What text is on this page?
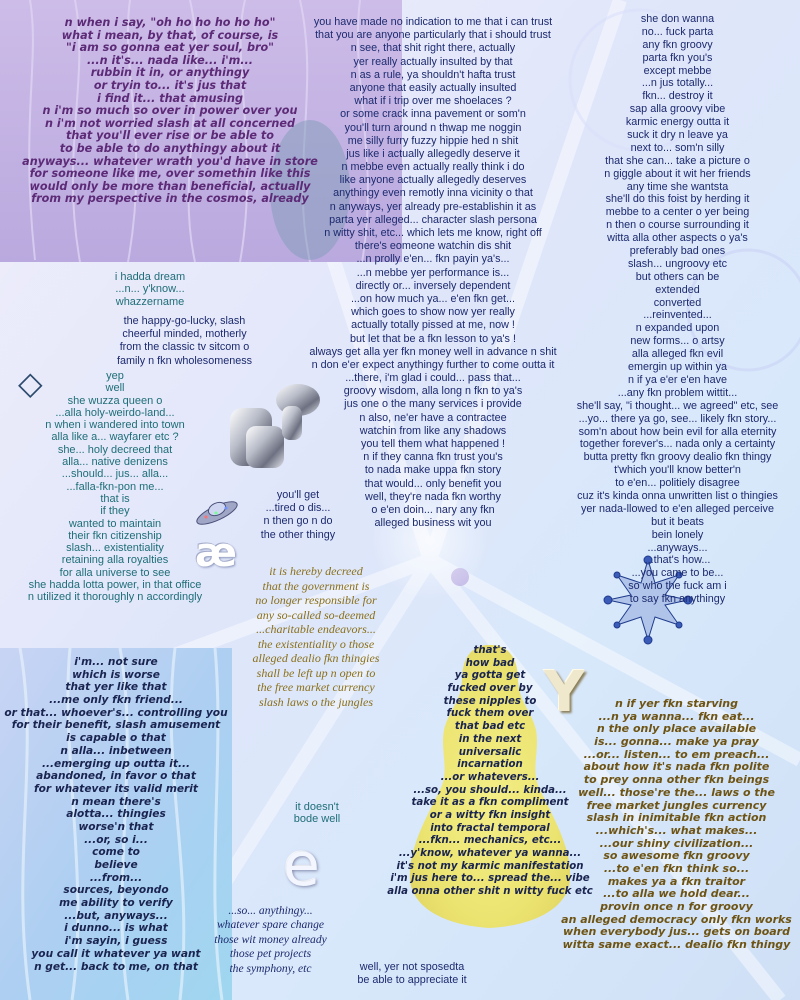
◇
æ
Y
e
n when i say, "oh ho ho ho ho ho"
what i mean, by that, of course, is
"i am so gonna eat yer soul, bro"
...n it's... nada like... i'm...
rubbin it in, or anythingy
or tryin to... it's jus that
i find it... that amusing
n i'm so much so over in power over you
n i'm not worried slash at all concerned
that you'll ever rise or be able to
to be able to do anythingy about it
anyways... whatever wrath you'd have in store
for someone like me, over somethin like this
would only be more than beneficial, actually
from my perspective in the cosmos, already
you have made no indication to me that i can trust
that you are anyone particularly that i should trust
n see, that shit right there, actually
yer really actually insulted by that
n as a rule, ya shouldn't hafta trust
anyone that easily actually insulted
what if i trip over me shoelaces ?
or some crack inna pavement or som'n
you'll turn around n thwap me noggin
me silly furry fuzzy hippie hed n shit
jus like i actually allegedly deserve it
n mebbe even actually really think i do
like anyone actually allegedly deserves
anythingy even remotly inna vicinity o that
n anyways, yer already pre-establishin it as
parta yer alleged... character slash persona
n witty shit, etc... which lets me know, right off
there's eomeone watchin dis shit
...n prolly e'en... fkn payin ya's...
...n mebbe yer performance is...
directly or... inversely dependent
...on how much ya... e'en fkn get...
which goes to show now yer really
actually totally pissed at me, now !
but let that be a fkn lesson to ya's !
always get alla yer fkn money well in advance n shit
n don e'er expect anythingy further to come outta it
...there, i'm glad i could... pass that...
groovy wisdom, alla long n fkn to ya's
jus one o the many services i provide
n also, ne'er have a contractee
watchin from like any shadows
you tell them what happened !
n if they canna fkn trust you's
to nada make uppa fkn story
that would... only benefit you
well, they're nada fkn worthy
o e'en doin... nary any fkn
alleged business wit you
she don wanna
no... fuck parta
any fkn groovy
parta fkn you's
except mebbe
...n jus totally...
fkn... destroy it
sap alla groovy vibe
karmic energy outta it
suck it dry n leave ya
next to... som'n silly
that she can... take a picture o
n giggle about it wit her friends
any time she wantsta
she'll do this foist by herding it
mebbe to a center o yer being
n then o course surrounding it
witta alla other aspects o ya's
preferably bad ones
slash... ungroovy etc
but others can be
extended
converted
...reinvented...
n expanded upon
new forms... o artsy
alla alleged fkn evil
emergin up within ya
n if ya e'er e'en have
...any fkn problem wittit...
she'll say, "i thought... we agreed" etc, see
...yo... there ya go, see... likely fkn story...
som'n about how bein evil for alla eternity
together forever's... nada only a certainty
butta pretty fkn groovy dealio fkn thingy
t'which you'll know better'n
to e'en... politiely disagree
cuz it's kinda onna unwritten list o thingies
yer nada-llowed to e'en alleged perceive
but it beats
bein lonely
...anyways...
...that's how...
...you came to be...
so who the fuck am i
to say fkn anythingy
i hadda dream
...n... y'know...
whazzername
the happy-go-lucky, slash
cheerful minded, motherly
from the classic tv sitcom o
family n fkn wholesomeness
yep
well
she wuzza queen o
...alla holy-weirdo-land...
n when i wandered into town
alla like a... wayfarer etc ?
she... holy decreed that
alla... native denizens
...should... jus... alla...
...falla-fkn-pon me...
that is
if they
wanted to maintain
their fkn citizenship
slash... existentiality
retaining alla royalties
for alla universe to see
she hadda lotta power, in that office
n utilized it thoroughly n accordingly
you'll get
...tired o dis...
n then go n do
the other thingy
it is hereby decreed
that the government is
no longer responsible for
any so-called so-deemed
...charitable endeavors...
the existentiality o those
alleged dealio fkn thingies
shall be left up n open to
the free market currency
slash laws o the jungles
i'm... not sure
which is worse
that yer like that
...me only fkn friend...
or that... whoever's... controlling you
for their benefit, slash amusement
is capable o that
n alla... inbetween
...emerging up outta it...
abandoned, in favor o that
for whatever its valid merit
n mean there's
alotta... thingies
worse'n that
...or, so i...
come to
believe
...from...
sources, beyondo
me ability to verify
...but, anyways...
i dunno... is what
i'm sayin, i guess
you call it whatever ya want
n get... back to me, on that
it doesn't
bode well
...so... anythingy...
whatever spare change
those wit money already
those pet projects
the symphony, etc	well, yer not sposedta
be able to appreciate it
that's
how bad
ya gotta get
fucked over by
these nipples to
fuck them over
that bad etc
in the next
universalic
incarnation
...or whatevers...
...so, you should... kinda...
take it as a fkn compliment
or a witty fkn insight
into fractal temporal
...fkn... mechanics, etc...
...y'know, whatever ya wanna...
it's not my karmic manifestation
i'm jus here to... spread the... vibe
alla onna other shit n witty fuck etc
n if yer fkn starving
...n ya wanna... fkn eat...
n the only place available
is... gonna... make ya pray
...or... listen... to em preach...
about how it's nada fkn polite
to prey onna other fkn beings
well... those're the... laws o the
free market jungles currency
slash in inimitable fkn action
...which's... what makes...
...our shiny civilization...
so awesome fkn groovy
...to e'en fkn think so...
makes ya a fkn traitor
...to alla we hold dear...
provin once n for groovy
an alleged democracy only fkn works
when everybody jus... gets on board
witta same exact... dealio fkn thingy
